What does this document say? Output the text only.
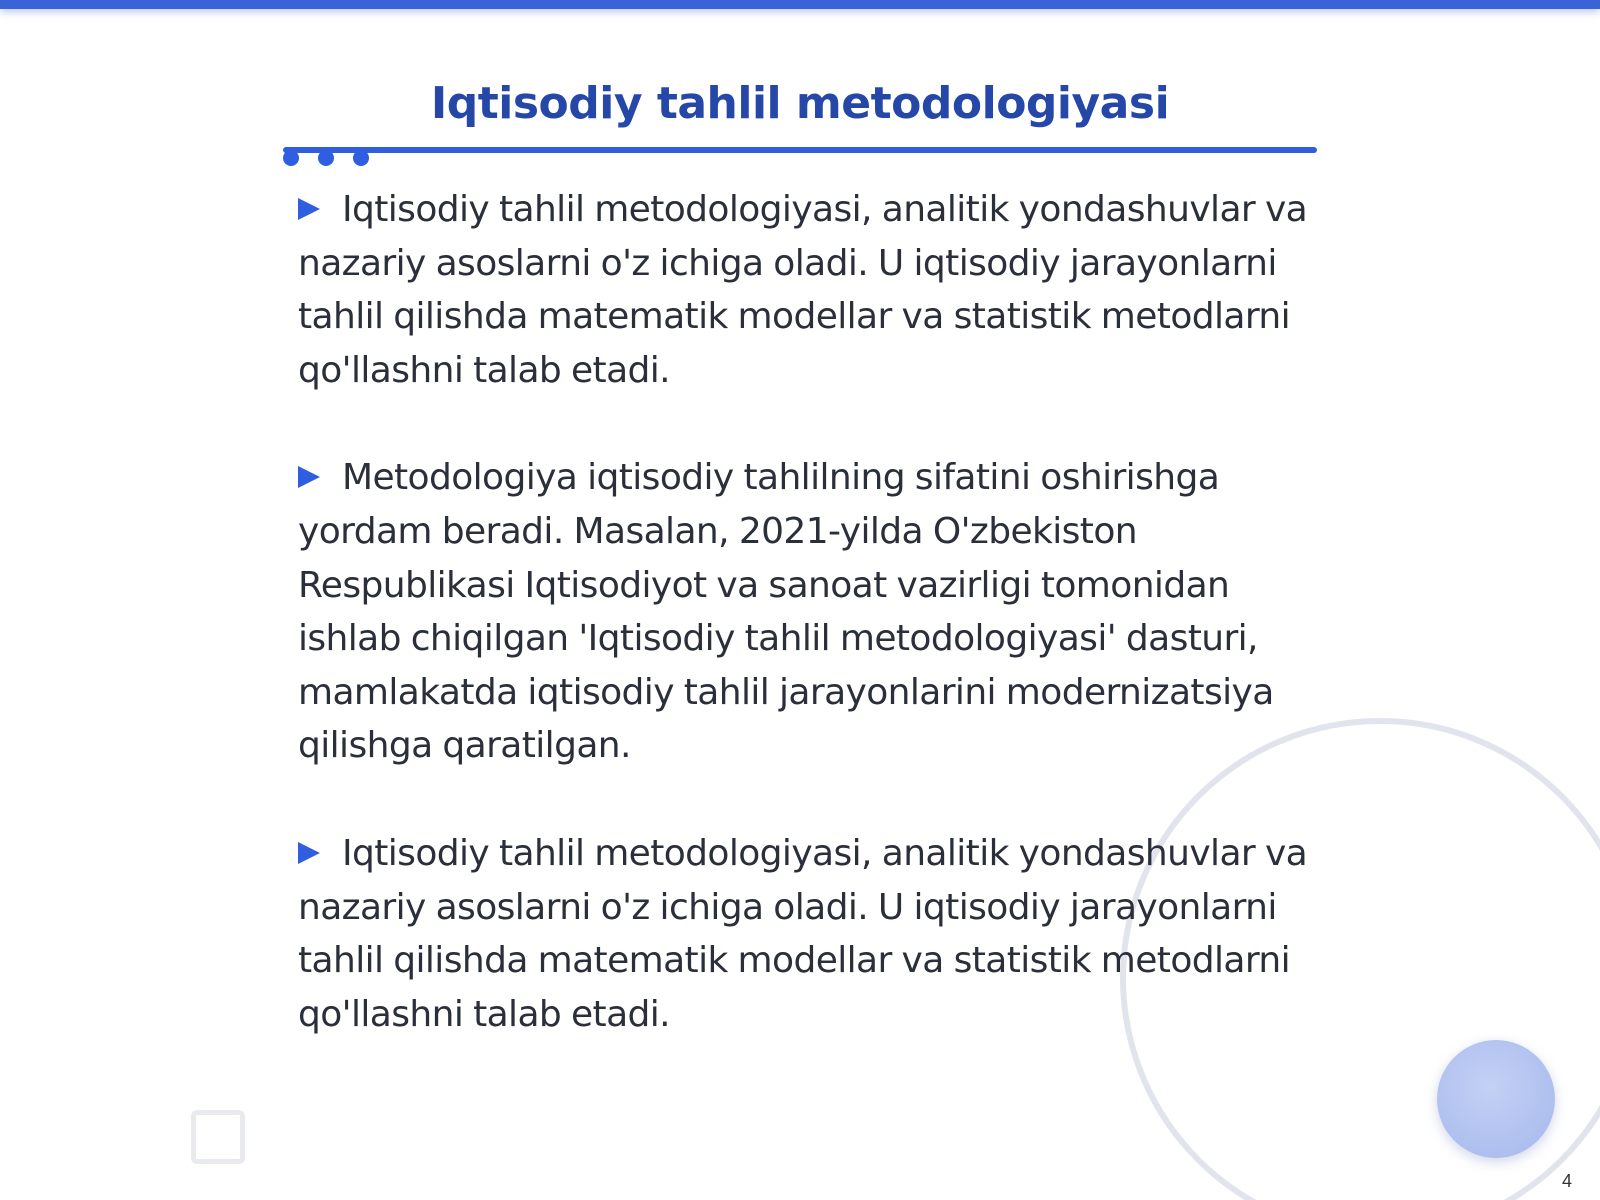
Iqtisodiy tahlil metodologiyasi

Iqtisodiy tahlil metodologiyasi, analitik yondashuvlar va nazariy asoslarni o'z ichiga oladi. U iqtisodiy jarayonlarni tahlil qilishda matematik modellar va statistik metodlarni qo'llashni talab etadi.

Metodologiya iqtisodiy tahlilning sifatini oshirishga yordam beradi. Masalan, 2021-yilda O'zbekiston Respublikasi Iqtisodiyot va sanoat vazirligi tomonidan ishlab chiqilgan 'Iqtisodiy tahlil metodologiyasi' dasturi, mamlakatda iqtisodiy tahlil jarayonlarini modernizatsiya qilishga qaratilgan.

Iqtisodiy tahlil metodologiyasi, analitik yondashuvlar va nazariy asoslarni o'z ichiga oladi. U iqtisodiy jarayonlarni tahlil qilishda matematik modellar va statistik metodlarni qo'llashni talab etadi.

4
